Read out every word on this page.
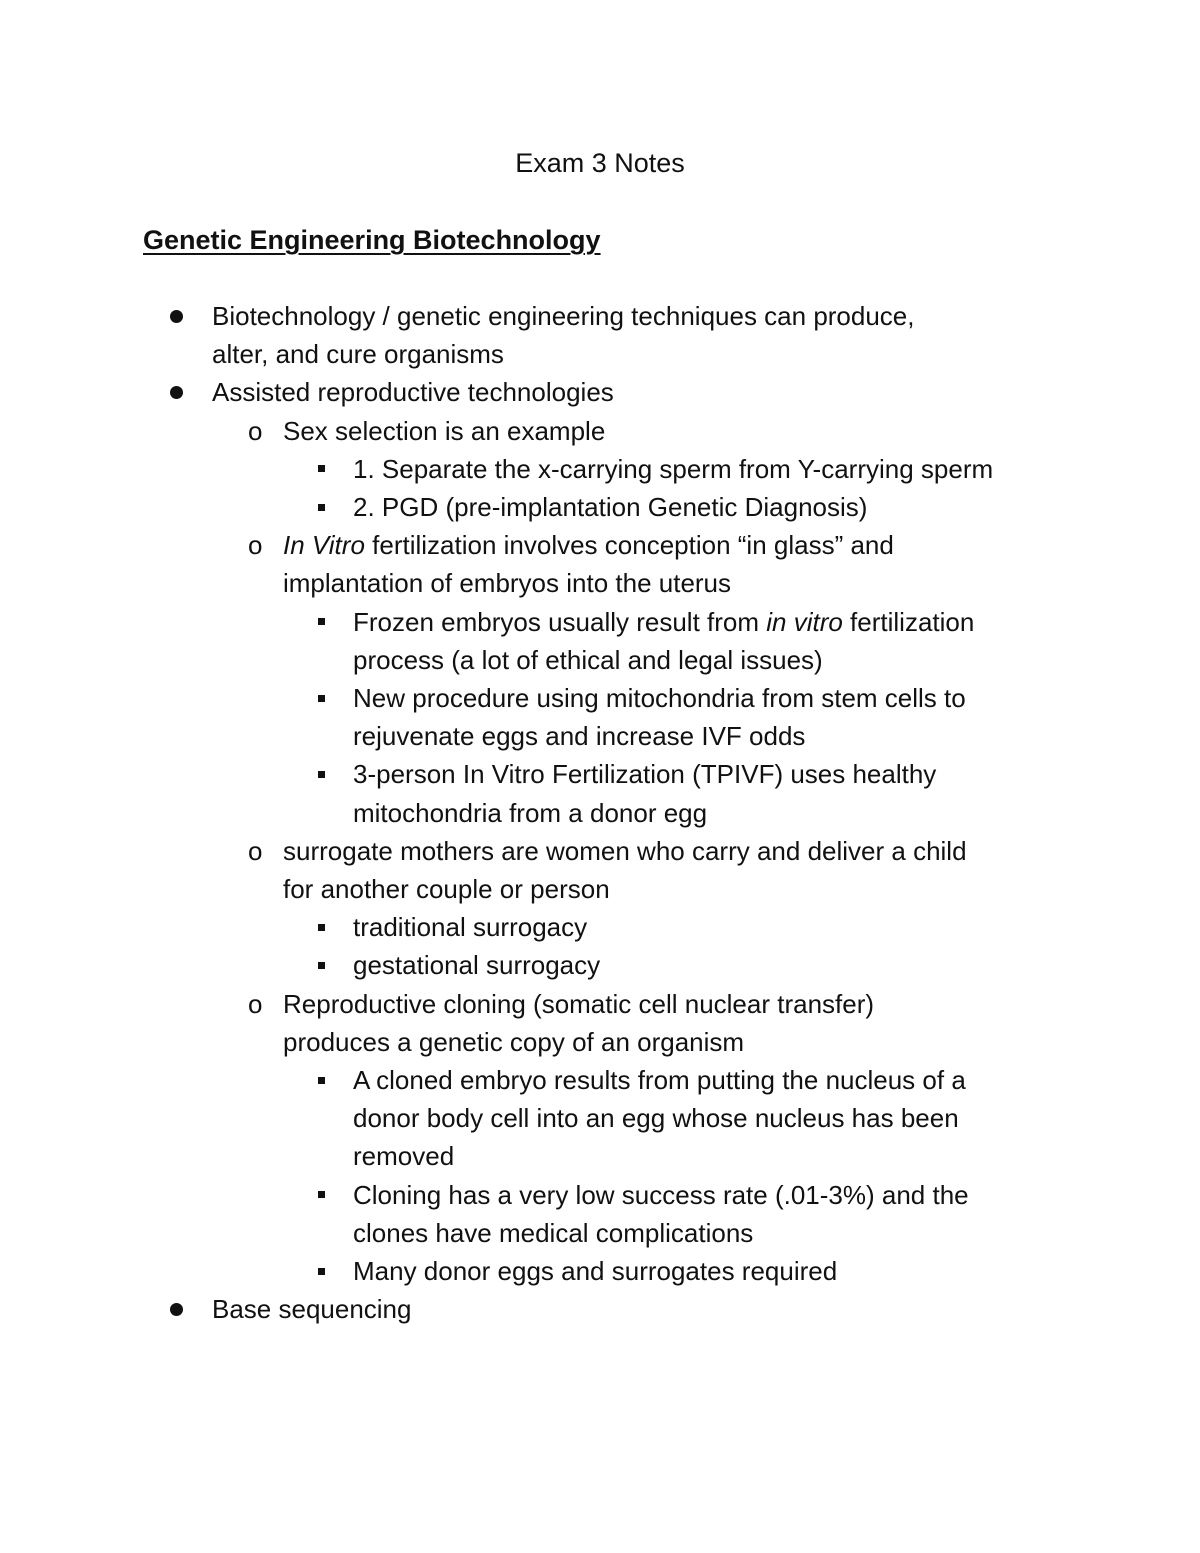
Exam 3 Notes
Genetic Engineering Biotechnology
Biotechnology / genetic engineering techniques can produce,
alter, and cure organisms
Assisted reproductive technologies
o Sex selection is an example
1. Separate the x-carrying sperm from Y-carrying sperm
2. PGD (pre-implantation Genetic Diagnosis)
o In Vitro fertilization involves conception “in glass” and
implantation of embryos into the uterus
Frozen embryos usually result from in vitro fertilization
process (a lot of ethical and legal issues)
New procedure using mitochondria from stem cells to
rejuvenate eggs and increase IVF odds
3-person In Vitro Fertilization (TPIVF) uses healthy
mitochondria from a donor egg
o surrogate mothers are women who carry and deliver a child
for another couple or person
traditional surrogacy
gestational surrogacy
o Reproductive cloning (somatic cell nuclear transfer)
produces a genetic copy of an organism
A cloned embryo results from putting the nucleus of a
donor body cell into an egg whose nucleus has been
removed
Cloning has a very low success rate (.01-3%) and the
clones have medical complications
Many donor eggs and surrogates required
Base sequencing
